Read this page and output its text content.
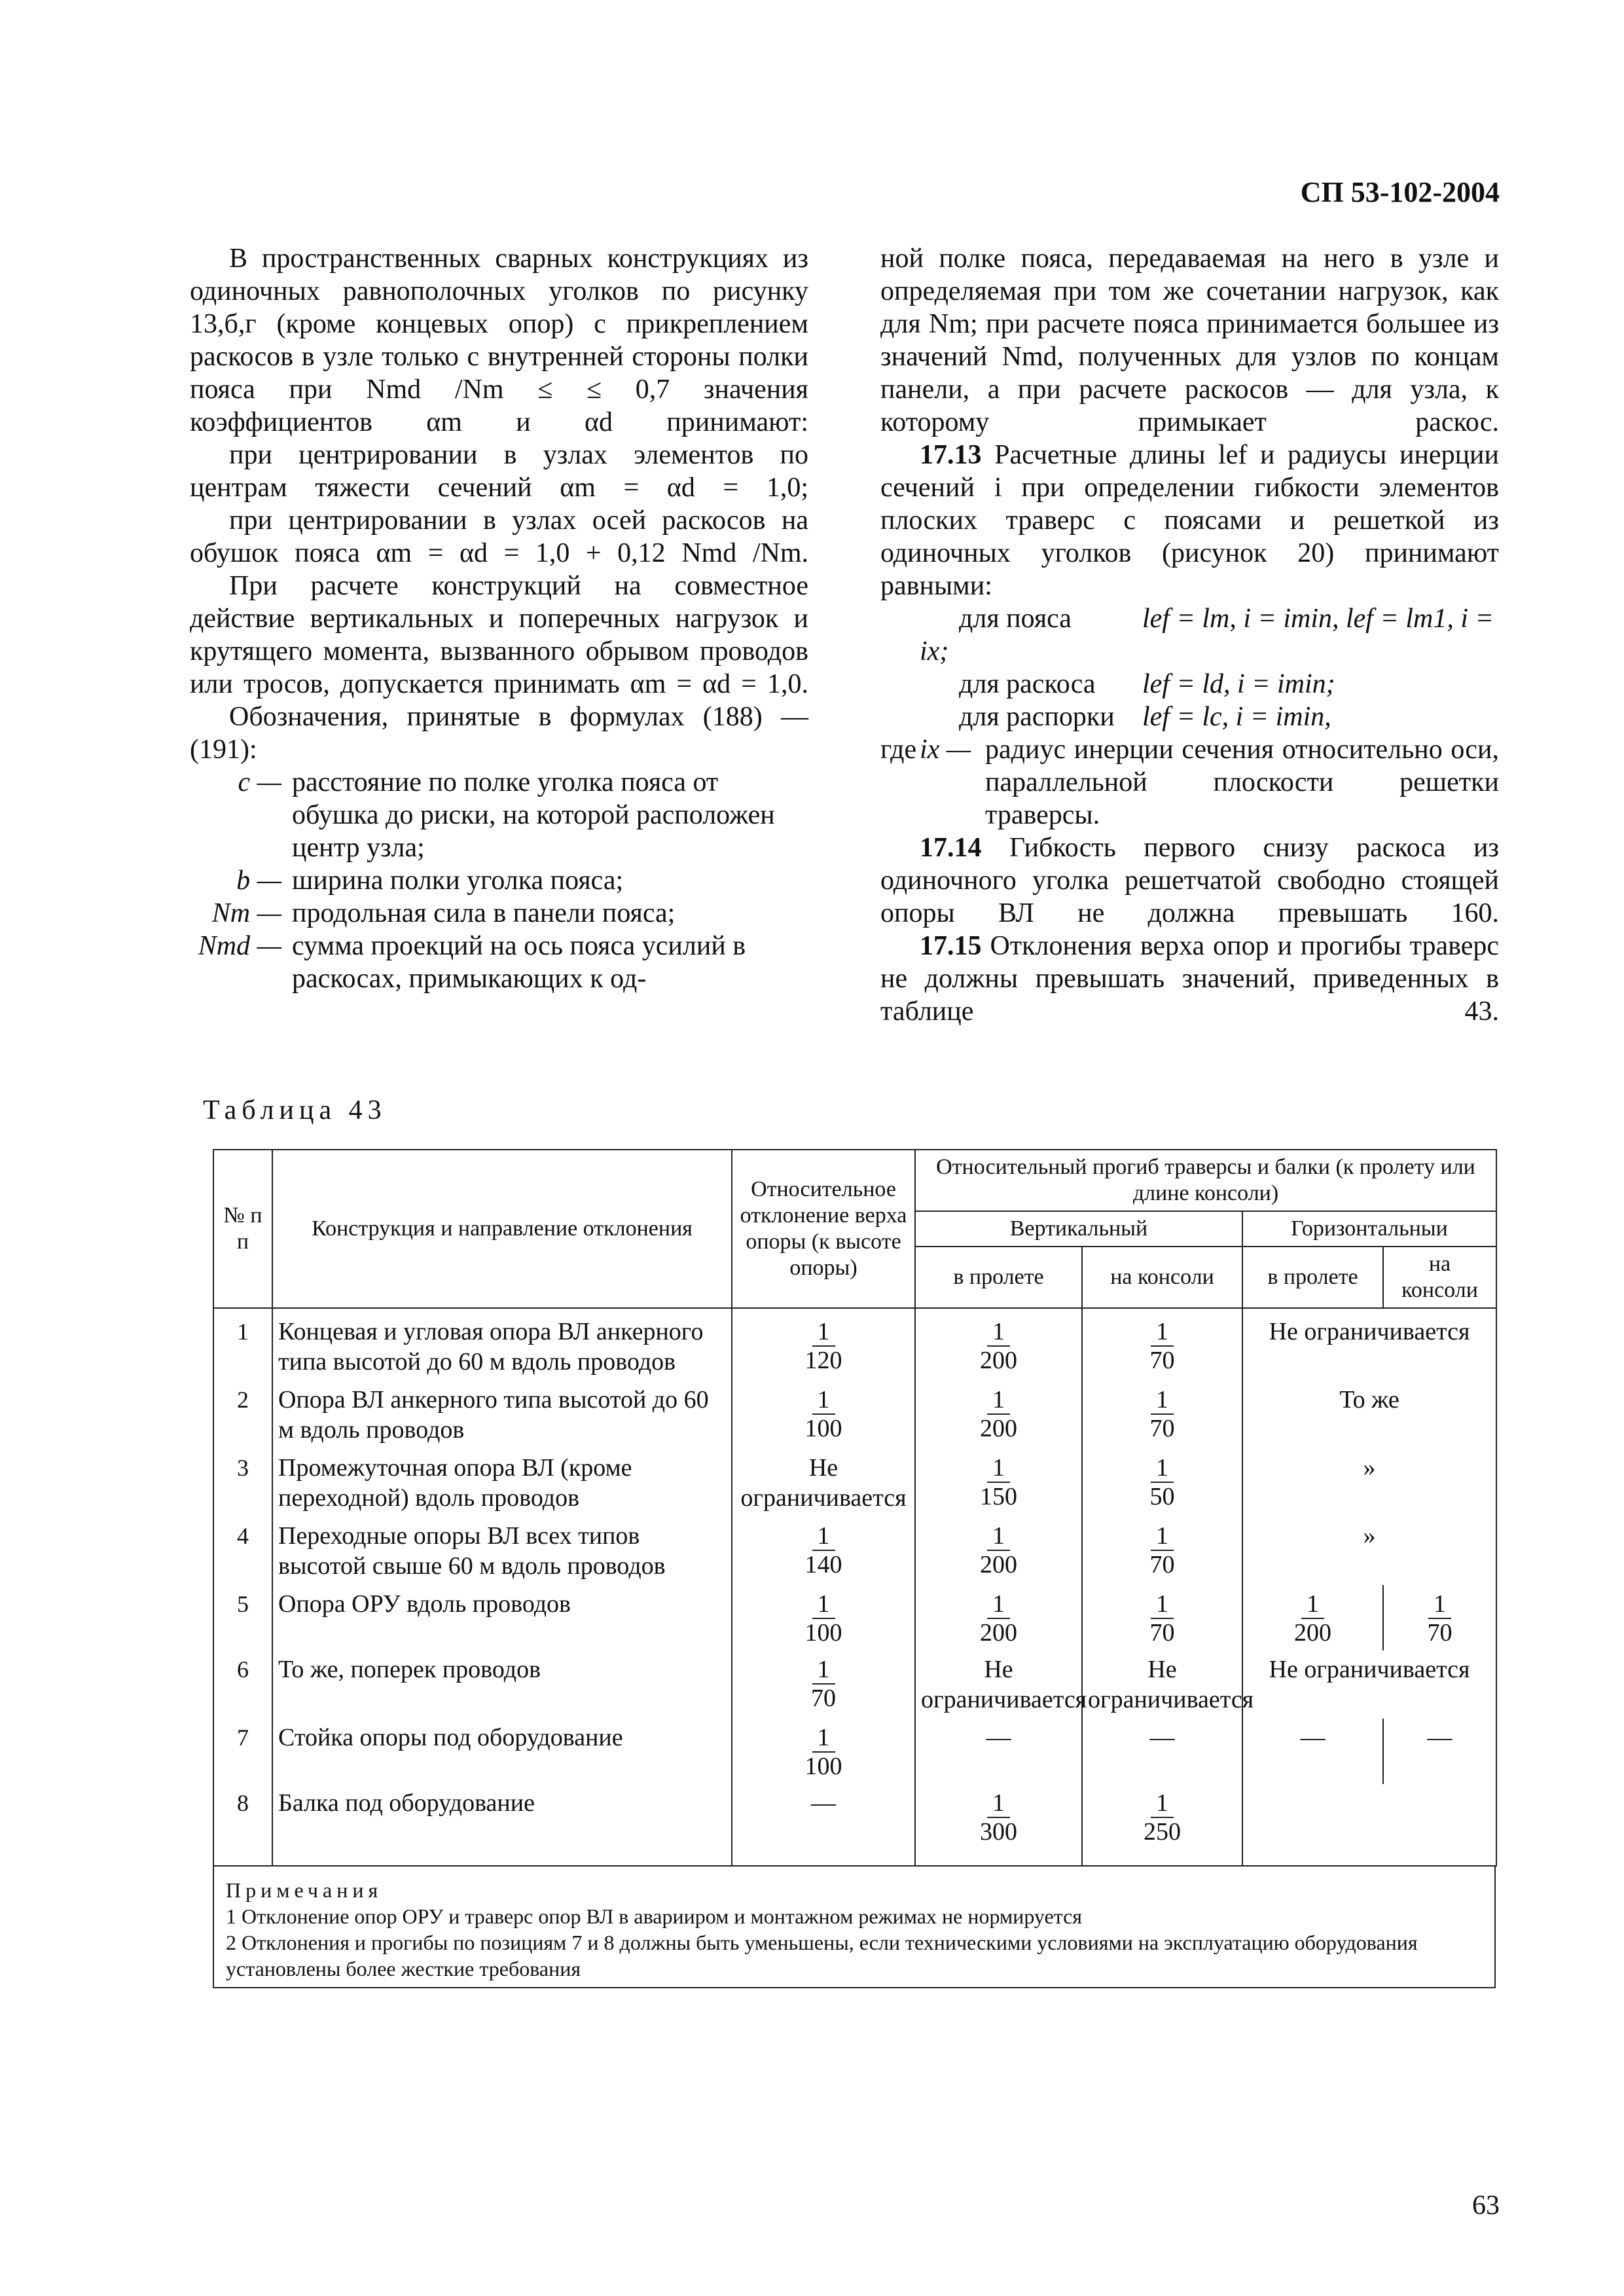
СП 53-102-2004

В пространственных сварных конструкциях из одиночных равнополочных уголков по рисунку 13,б,г (кроме концевых опор) с прикреплением раскосов в узле только с внутренней стороны полки пояса при Nmd /Nm ≤ ≤ 0,7 значения коэффициентов αm и αd принимают:

при центрировании в узлах элементов по центрам тяжести сечений αm = αd = 1,0;

при центрировании в узлах осей раскосов на обушок пояса αm = αd = 1,0 + 0,12 Nmd /Nm.

При расчете конструкций на совместное действие вертикальных и поперечных нагрузок и крутящего момента, вызванного обрывом проводов или тросов, допускается принимать αm = αd = 1,0.

Обозначения, принятые в формулах (188) — (191):

c — расстояние по полке уголка пояса от обушка до риски, на которой расположен центр узла;
b — ширина полки уголка пояса;
Nm — продольная сила в панели пояса;
Nmd — сумма проекций на ось пояса усилий в раскосах, примыкающих к од-

ной полке пояса, передаваемая на него в узле и определяемая при том же сочетании нагрузок, как для Nm; при расчете пояса принимается большее из значений Nmd, полученных для узлов по концам панели, а при расчете раскосов — для узла, к которому примыкает раскос.

17.13 Расчетные длины lef и радиусы инерции сечений i при определении гибкости элементов плоских траверс с поясами и решеткой из одиночных уголков (рисунок 20) принимают равными:

для пояса	lef = lm, i = imin, lef = lm1, i = ix;
для раскоса lef = ld, i = imin;
для распорки lef = lc, i = imin,
где ix — радиус инерции сечения относительно оси, параллельной плоскости решетки траверсы.

17.14 Гибкость первого снизу раскоса из одиночного уголка решетчатой свободно стоящей опоры ВЛ не должна превышать 160.

17.15 Отклонения верха опор и прогибы траверс не должны превышать значений, приведенных в таблице 43.

Таблица 43
№ п п	Конструкция и направление отклонения	Относительное отклонение верха опоры (к высоте опоры)	Относительный прогиб траверсы и балки (к пролету или длине консоли)			
			Вертикальный		Горизонтальныи	
			в пролете	на консоли	в пролете	на консоли
1	Концевая и угловая опора ВЛ анкерного типа высотой до 60 м вдоль проводов	$\frac{1}{120}$	$\frac{1}{200}$	$\frac{1}{70}$	Не ограничивается	
2	Опора ВЛ анкерного типа высотой до 60 м вдоль проводов	$\frac{1}{100}$	$\frac{1}{200}$	$\frac{1}{70}$	То же	
3	Промежуточная опора ВЛ (кроме переходной) вдоль проводов	Не ограничивается	$\frac{1}{150}$	$\frac{1}{50}$	»	
4	Переходные опоры ВЛ всех типов высотой свыше 60 м вдоль проводов	$\frac{1}{140}$	$\frac{1}{200}$	$\frac{1}{70}$	»	
5	Опора ОРУ вдоль проводов	$\frac{1}{100}$	$\frac{1}{200}$	$\frac{1}{70}$	$\frac{1}{200}$	$\frac{1}{70}$

6	То же, поперек проводов	$\frac{1}{70}$	Не ограничивается	Не ограничивается	Не ограничивается	
7	Стойка опоры под оборудование	$\frac{1}{100}$	—	—	—	—
8	Балка под оборудование	—	$\frac{1}{300}$	$\frac{1}{250}$

Примечания
1 Отклонение опор ОРУ и траверс опор ВЛ в аварииром и монтажном режимах не нормируется
2 Отклонения и прогибы по позициям 7 и 8 должны быть уменьшены, если техническими условиями на эксплуатацию оборудования установлены более жесткие требования
63
